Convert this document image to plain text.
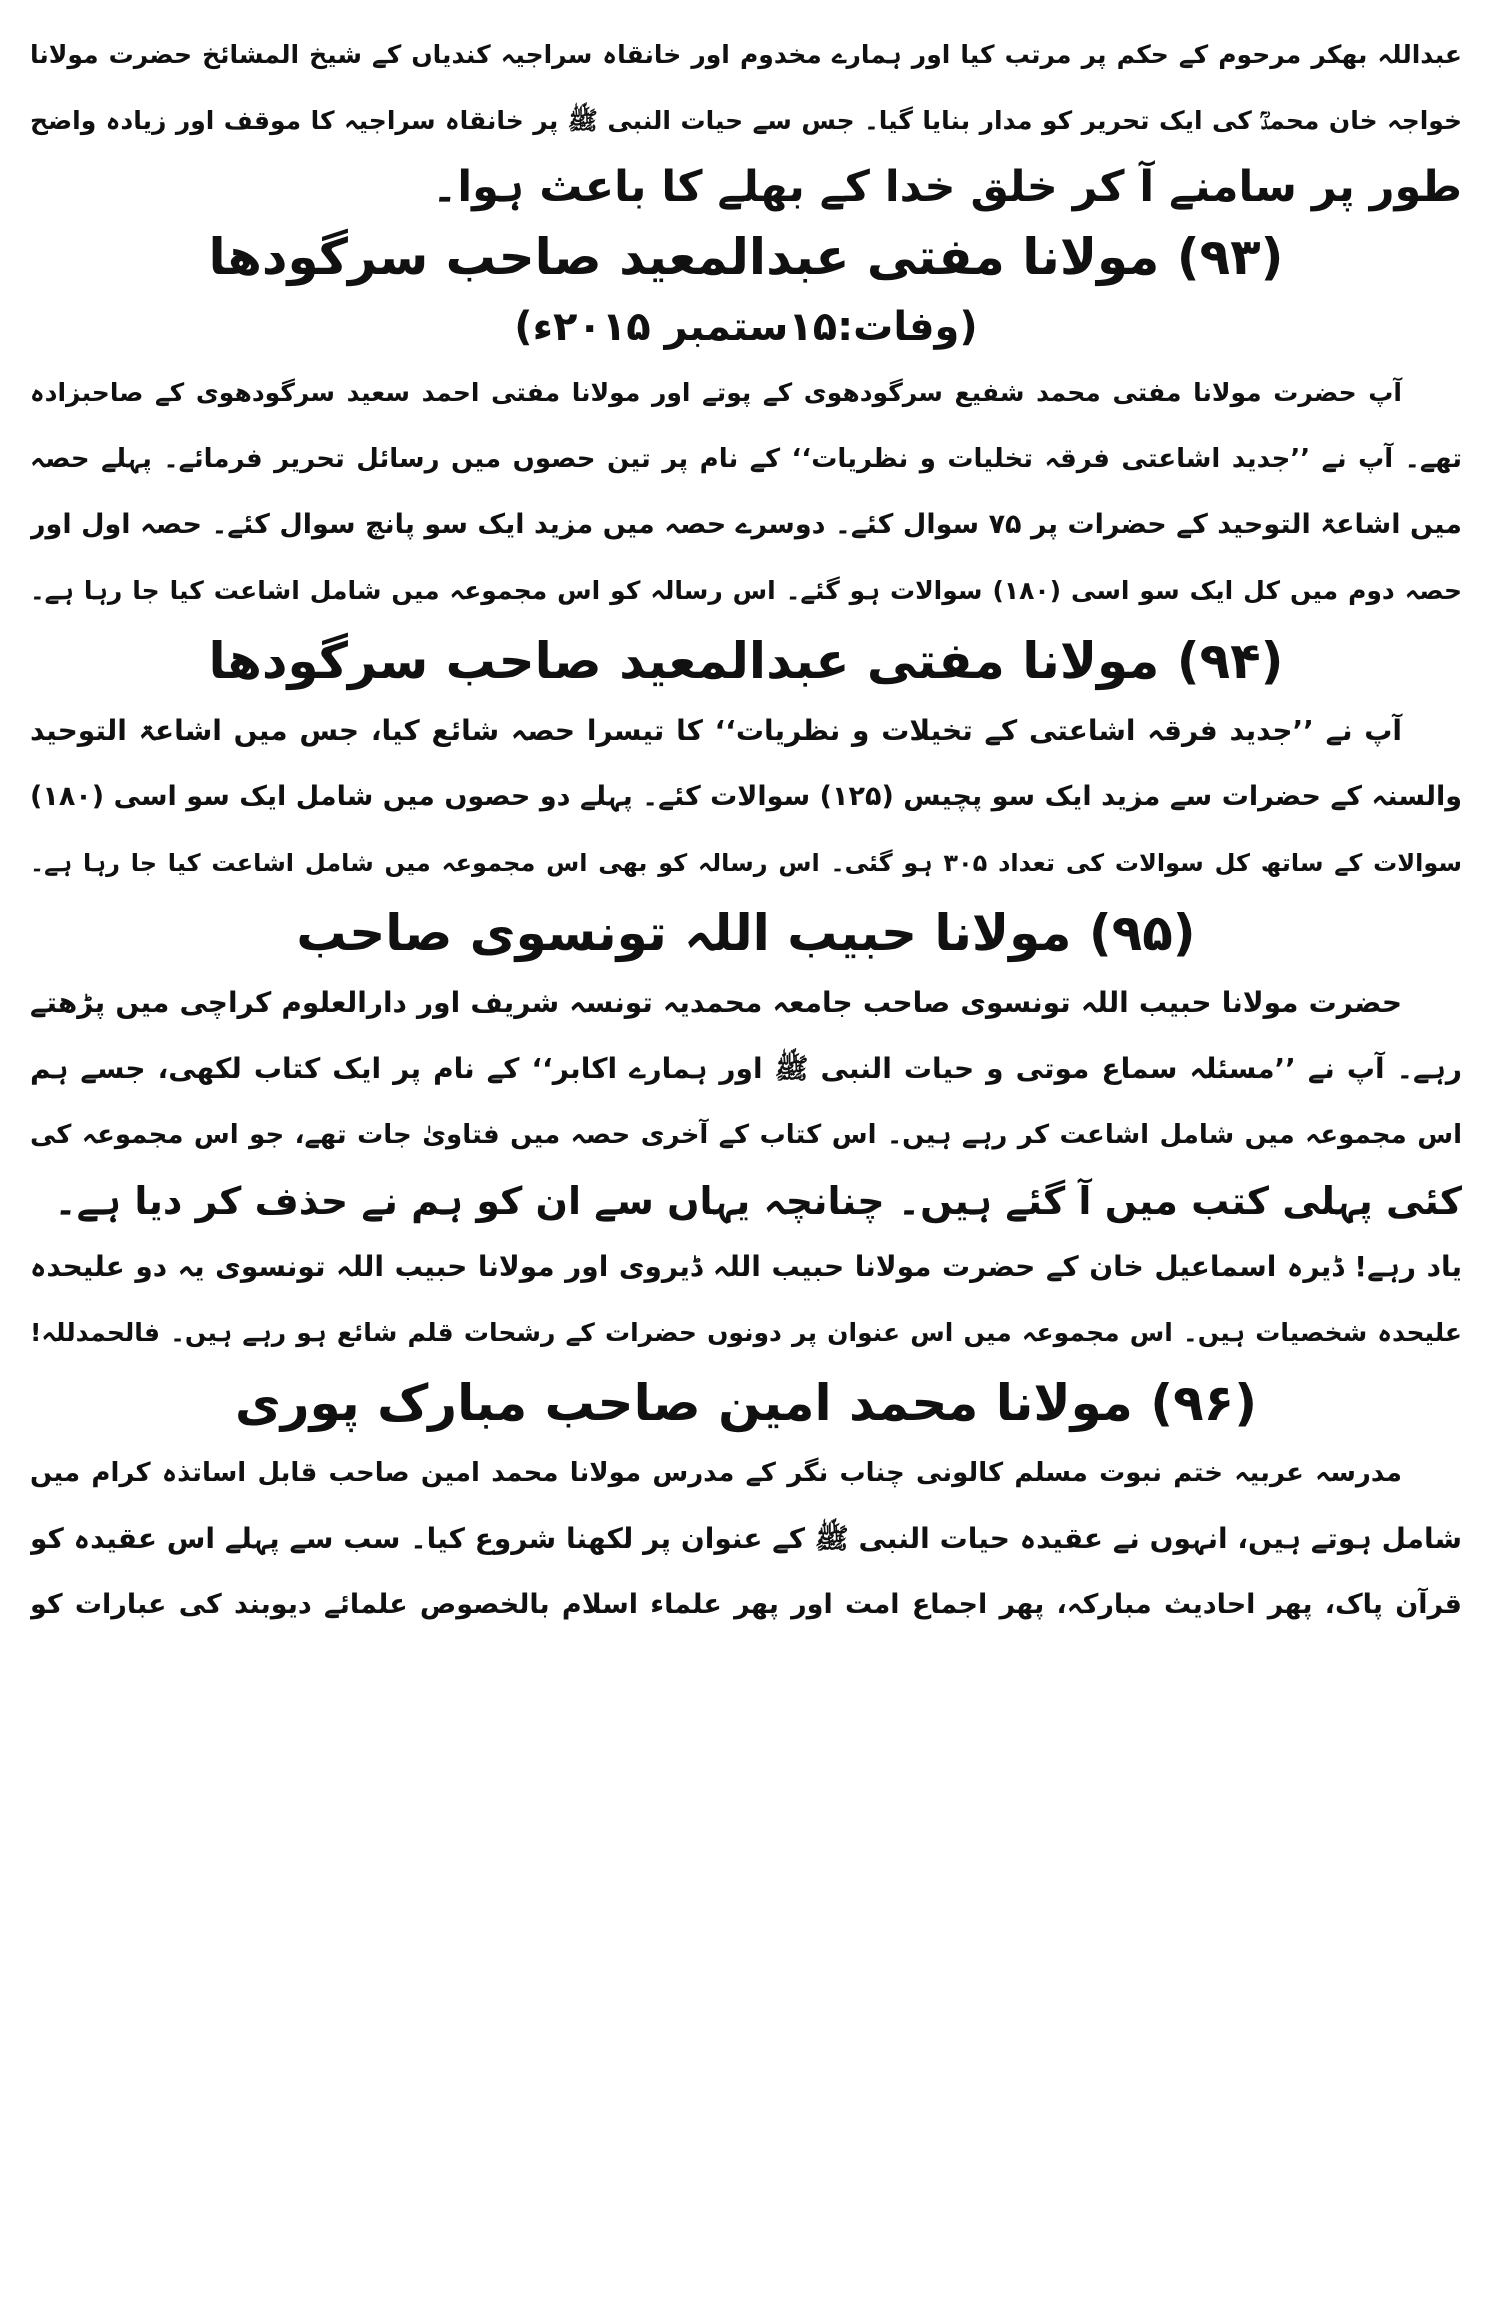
عبداللہ بھکر مرحوم کے حکم پر مرتب کیا اور ہمارے مخدوم اور خانقاہ سراجیہ کندیاں کے شیخ المشائخ حضرت مولانا
خواجہ خان محمدؒ کی ایک تحریر کو مدار بنایا گیا۔ جس سے حیات النبی ﷺ پر خانقاہ سراجیہ کا موقف اور زیادہ واضح
طور پر سامنے آ کر خلق خدا کے بھلے کا باعث ہوا۔
(۹۳) مولانا مفتی عبدالمعید صاحب سرگودھا
(وفات:۱۵ستمبر ۲۰۱۵ء)
آپ حضرت مولانا مفتی محمد شفیع سرگودھوی کے پوتے اور مولانا مفتی احمد سعید سرگودھوی کے صاحبزادہ
تھے۔ آپ نے ’’جدید اشاعتی فرقہ تخلیات و نظریات‘‘ کے نام پر تین حصوں میں رسائل تحریر فرمائے۔ پہلے حصہ
میں اشاعۃ التوحید کے حضرات پر ۷۵ سوال کئے۔ دوسرے حصہ میں مزید ایک سو پانچ سوال کئے۔ حصہ اول اور
حصہ دوم میں کل ایک سو اسی (۱۸۰) سوالات ہو گئے۔ اس رسالہ کو اس مجموعہ میں شامل اشاعت کیا جا رہا ہے۔
(۹۴) مولانا مفتی عبدالمعید صاحب سرگودھا
آپ نے ’’جدید فرقہ اشاعتی کے تخیلات و نظریات‘‘ کا تیسرا حصہ شائع کیا، جس میں اشاعۃ التوحید
والسنہ کے حضرات سے مزید ایک سو پچیس (۱۲۵) سوالات کئے۔ پہلے دو حصوں میں شامل ایک سو اسی (۱۸۰)
سوالات کے ساتھ کل سوالات کی تعداد ۳۰۵ ہو گئی۔ اس رسالہ کو بھی اس مجموعہ میں شامل اشاعت کیا جا رہا ہے۔
(۹۵) مولانا حبیب اللہ تونسوی صاحب
حضرت مولانا حبیب اللہ تونسوی صاحب جامعہ محمدیہ تونسہ شریف اور دارالعلوم کراچی میں پڑھتے
رہے۔ آپ نے ’’مسئلہ سماع موتی و حیات النبی ﷺ اور ہمارے اکابر‘‘ کے نام پر ایک کتاب لکھی، جسے ہم
اس مجموعہ میں شامل اشاعت کر رہے ہیں۔ اس کتاب کے آخری حصہ میں فتاویٰ جات تھے، جو اس مجموعہ کی
کئی پہلی کتب میں آ گئے ہیں۔ چنانچہ یہاں سے ان کو ہم نے حذف کر دیا ہے۔
یاد رہے! ڈیرہ اسماعیل خان کے حضرت مولانا حبیب اللہ ڈیروی اور مولانا حبیب اللہ تونسوی یہ دو علیحدہ
علیحدہ شخصیات ہیں۔ اس مجموعہ میں اس عنوان پر دونوں حضرات کے رشحات قلم شائع ہو رہے ہیں۔ فالحمدللہ!
(۹۶) مولانا محمد امین صاحب مبارک پوری
مدرسہ عربیہ ختم نبوت مسلم کالونی چناب نگر کے مدرس مولانا محمد امین صاحب قابل اساتذہ کرام میں
شامل ہوتے ہیں، انہوں نے عقیدہ حیات النبی ﷺ کے عنوان پر لکھنا شروع کیا۔ سب سے پہلے اس عقیدہ کو
قرآن پاک، پھر احادیث مبارکہ، پھر اجماع امت اور پھر علماء اسلام بالخصوص علمائے دیوبند کی عبارات کو
